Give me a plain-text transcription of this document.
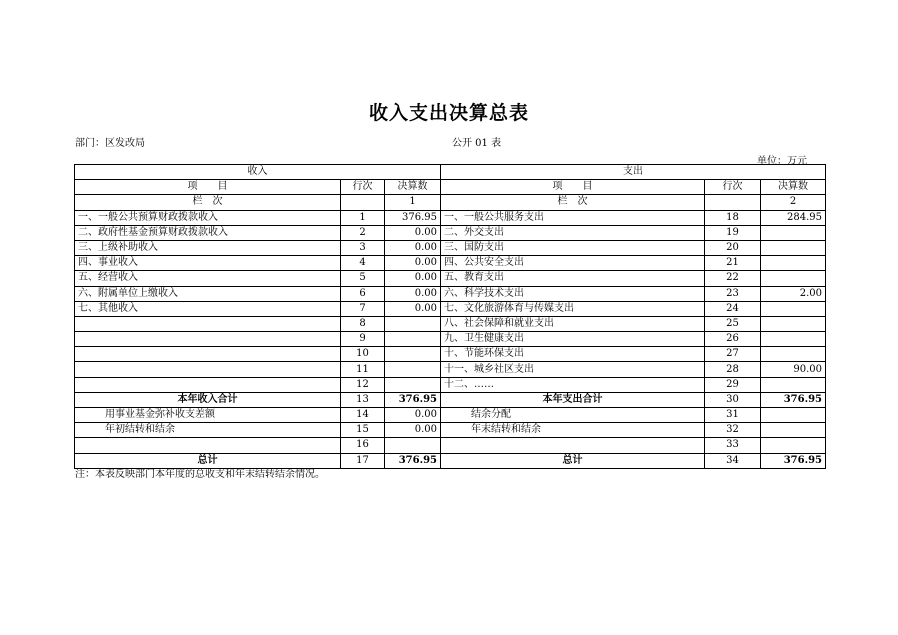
收入支出决算总表
部门：区发改局	公开 01 表
单位：万元
收入			支出		
项　　目	行次	决算数	项　　目	行次	决算数
栏　次		1	栏　次		2
一、一般公共预算财政拨款收入	1	376.95	一、一般公共服务支出	18	284.95
二、政府性基金预算财政拨款收入	2	0.00	二、外交支出	19	
三、上级补助收入	3	0.00	三、国防支出	20	
四、事业收入	4	0.00	四、公共安全支出	21	
五、经营收入	5	0.00	五、教育支出	22	
六、附属单位上缴收入	6	0.00	六、科学技术支出	23	2.00
七、其他收入	7	0.00	七、文化旅游体育与传媒支出	24	
	8		八、社会保障和就业支出	25	
	9		九、卫生健康支出	26	
	10		十、节能环保支出	27	
	11		十一、城乡社区支出	28	90.00
	12		十二、……	29	
本年收入合计	13	376.95	本年支出合计	30	376.95
用事业基金弥补收支差额	14	0.00	结余分配	31	
年初结转和结余	15	0.00	年末结转和结余	32	
	16			33	
总计	17	376.95	总计	34	376.95
注：本表反映部门本年度的总收支和年末结转结余情况。
